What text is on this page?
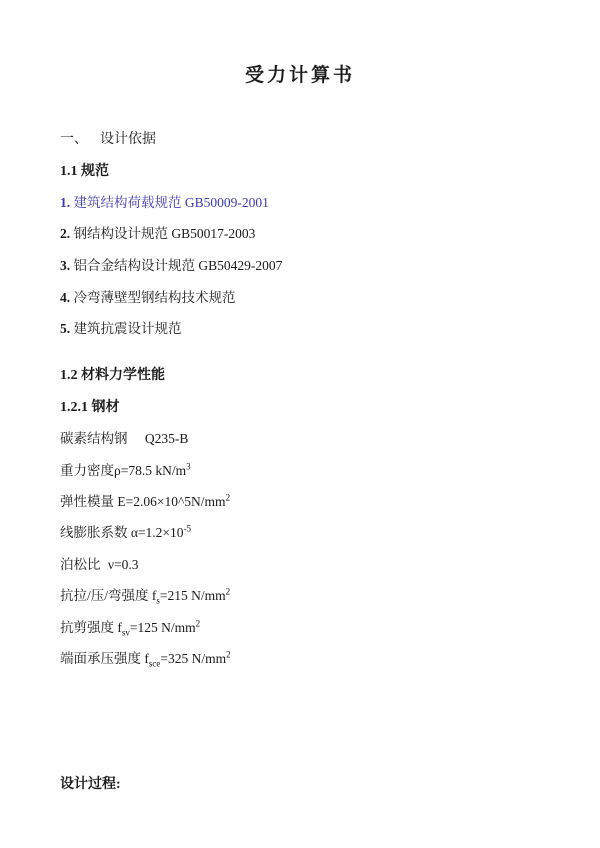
受力计算书
一、 设计依据
1.1 规范
1. 建筑结构荷载规范 GB50009-2001
2. 钢结构设计规范 GB50017-2003
3. 铝合金结构设计规范 GB50429-2007
4. 冷弯薄壁型钢结构技术规范
5. 建筑抗震设计规范
1.2 材料力学性能
1.2.1 钢材
碳素结构钢 Q235-B
重力密度ρ=78.5 $kN/m^3$
弹性模量 $E=2.06\times 10\^{}5N/mm^2$
线膨胀系数 $\alpha=1.2\times 10^{-5}$
泊松比 ν=0.3
抗拉/压/弯强度 $f_s=215$ $N/mm^2$
抗剪强度 $f_{sv}=125$ $N/mm^2$
端面承压强度 $f_{sce}=325$ $N/mm^2$
设计过程:
